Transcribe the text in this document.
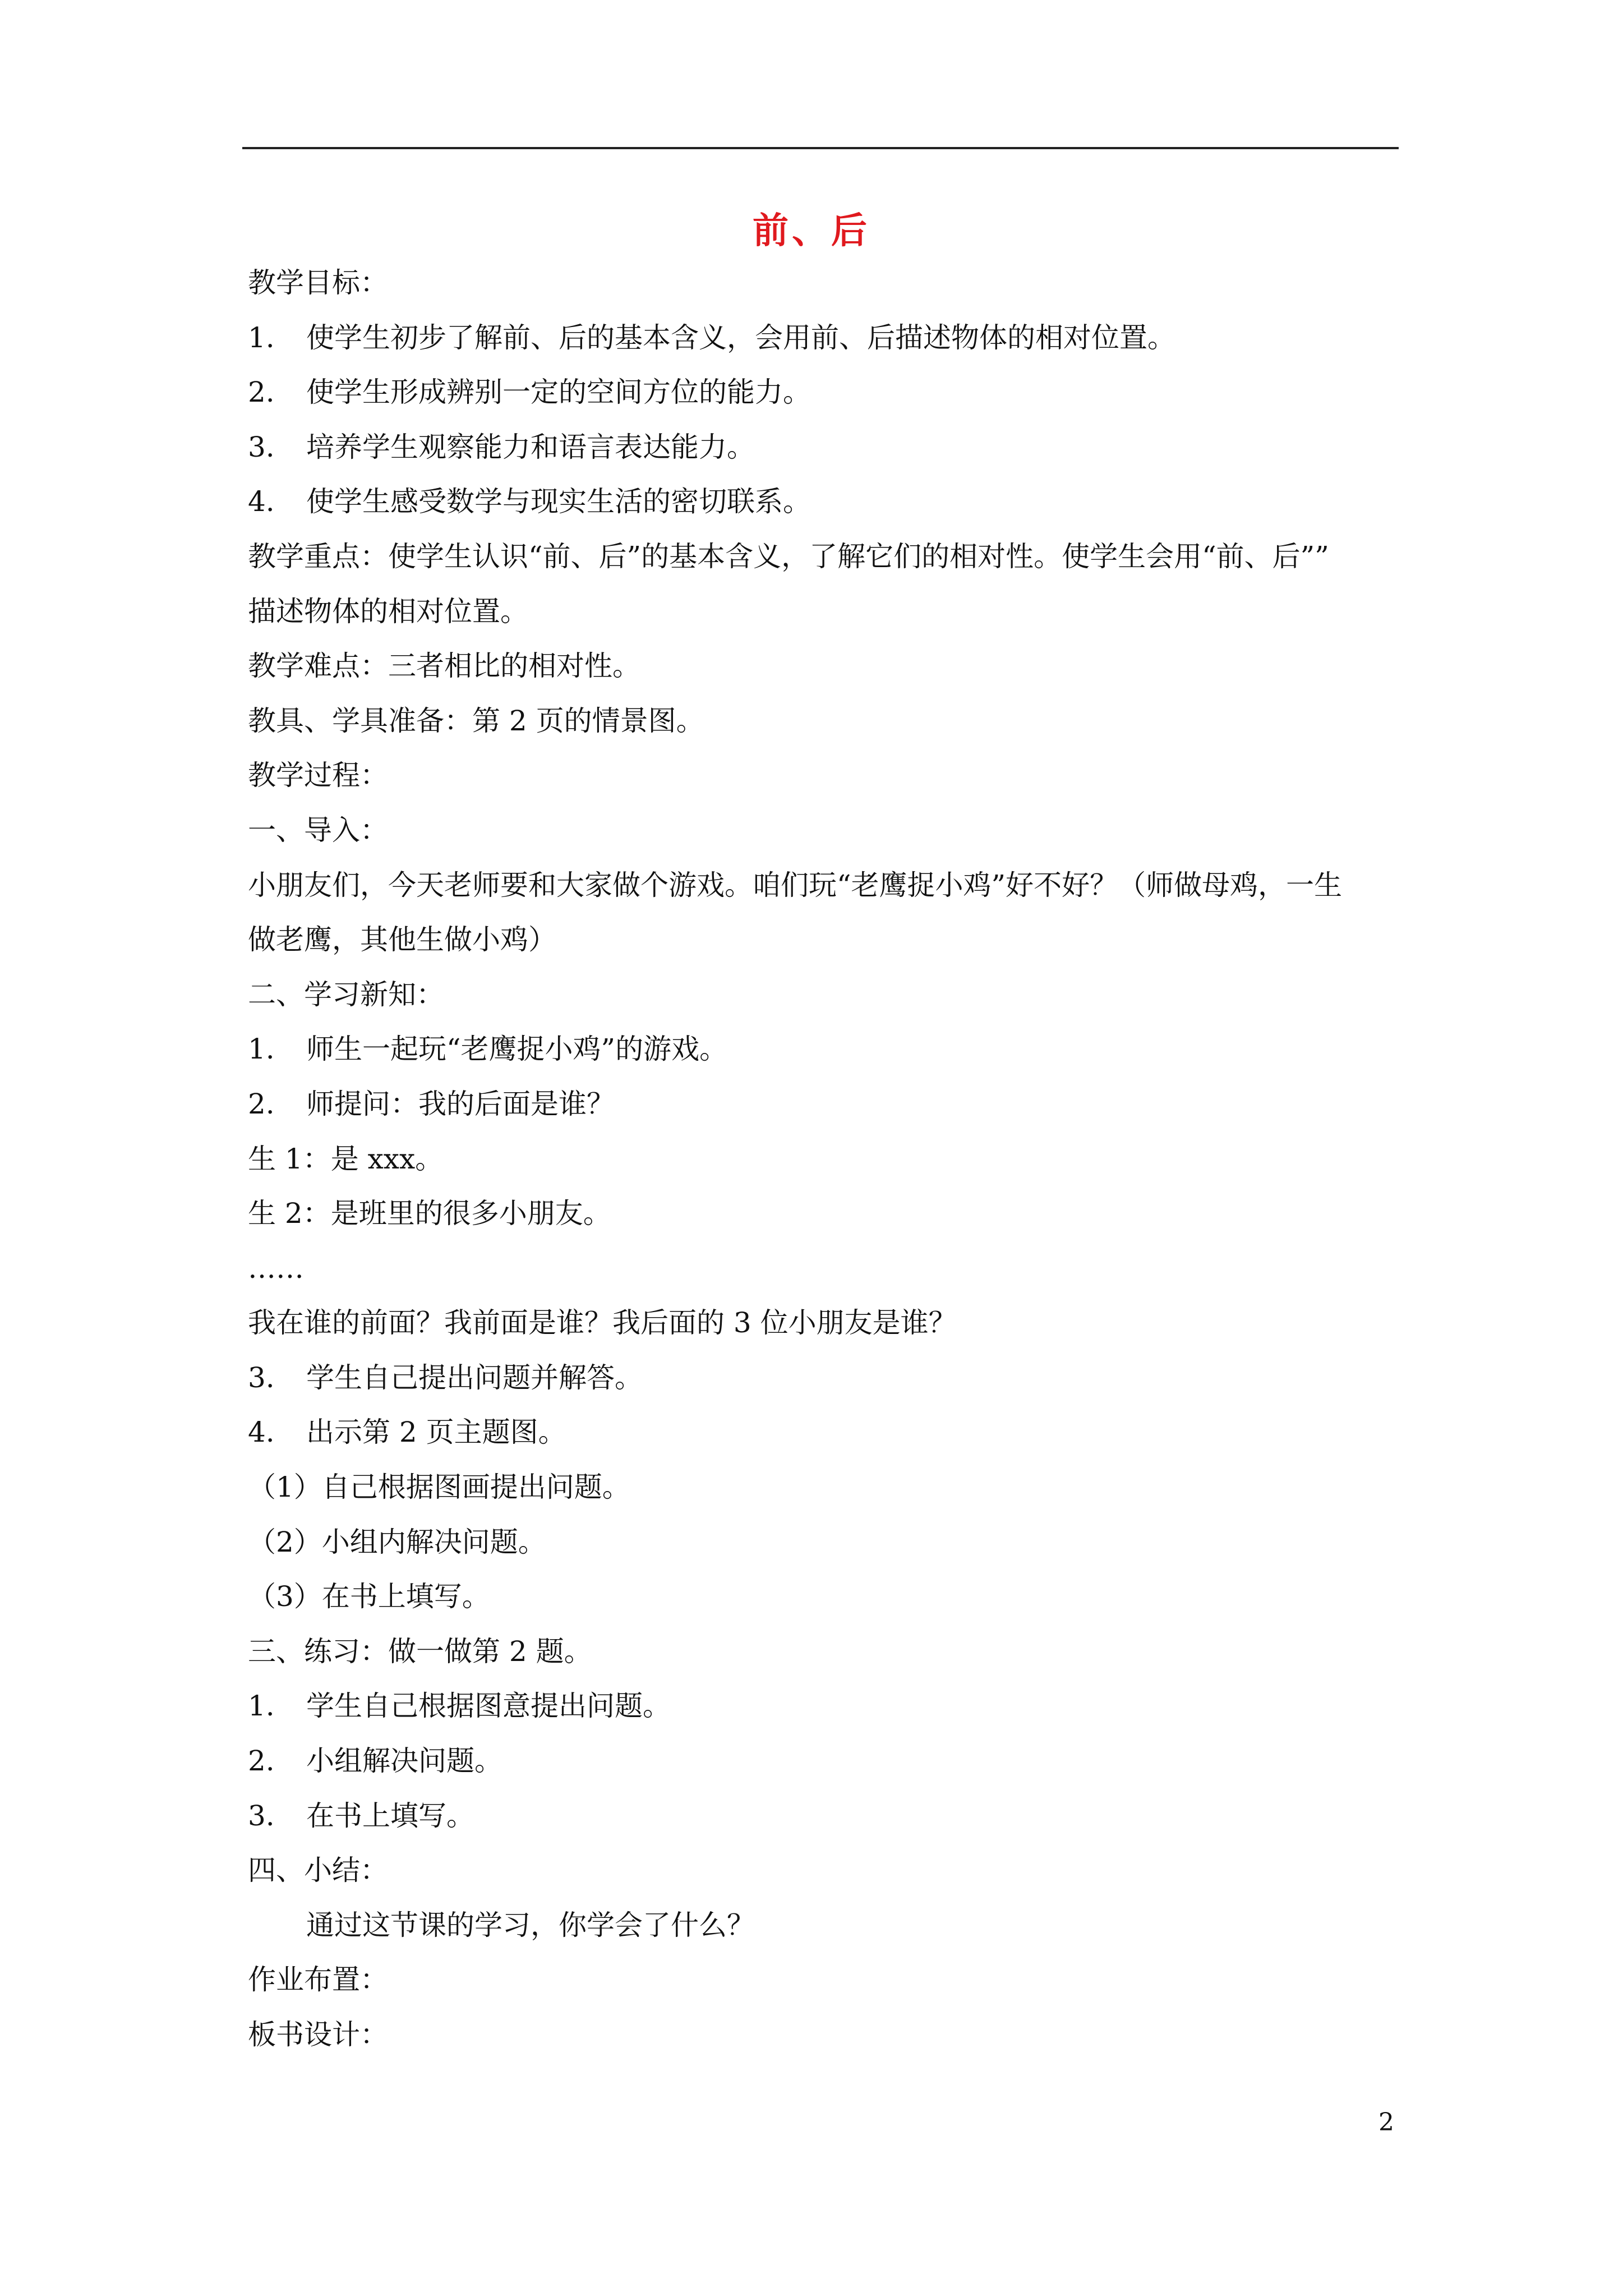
前、后

教学目标：

1. 使学生初步了解前、后的基本含义，会用前、后描述物体的相对位置。

2. 使学生形成辨别一定的空间方位的能力。

3. 培养学生观察能力和语言表达能力。

4. 使学生感受数学与现实生活的密切联系。

教学重点：使学生认识“前、后”的基本含义，了解它们的相对性。使学生会用“前、后””

描述物体的相对位置。

教学难点：三者相比的相对性。

教具、学具准备：第 2 页的情景图。

教学过程：

一、导入：

小朋友们，今天老师要和大家做个游戏。咱们玩“老鹰捉小鸡”好不好？（师做母鸡，一生

做老鹰，其他生做小鸡）

二、学习新知：

1. 师生一起玩“老鹰捉小鸡”的游戏。

2. 师提问：我的后面是谁？

生 1：是 xxx。

生 2：是班里的很多小朋友。

……

我在谁的前面？我前面是谁？我后面的 3 位小朋友是谁？

3. 学生自己提出问题并解答。

4. 出示第 2 页主题图。

（1）自己根据图画提出问题。

（2）小组内解决问题。

（3）在书上填写。

三、练习：做一做第 2 题。

1. 学生自己根据图意提出问题。

2. 小组解决问题。

3. 在书上填写。

四、小结：

通过这节课的学习，你学会了什么？

作业布置：

板书设计：

2
